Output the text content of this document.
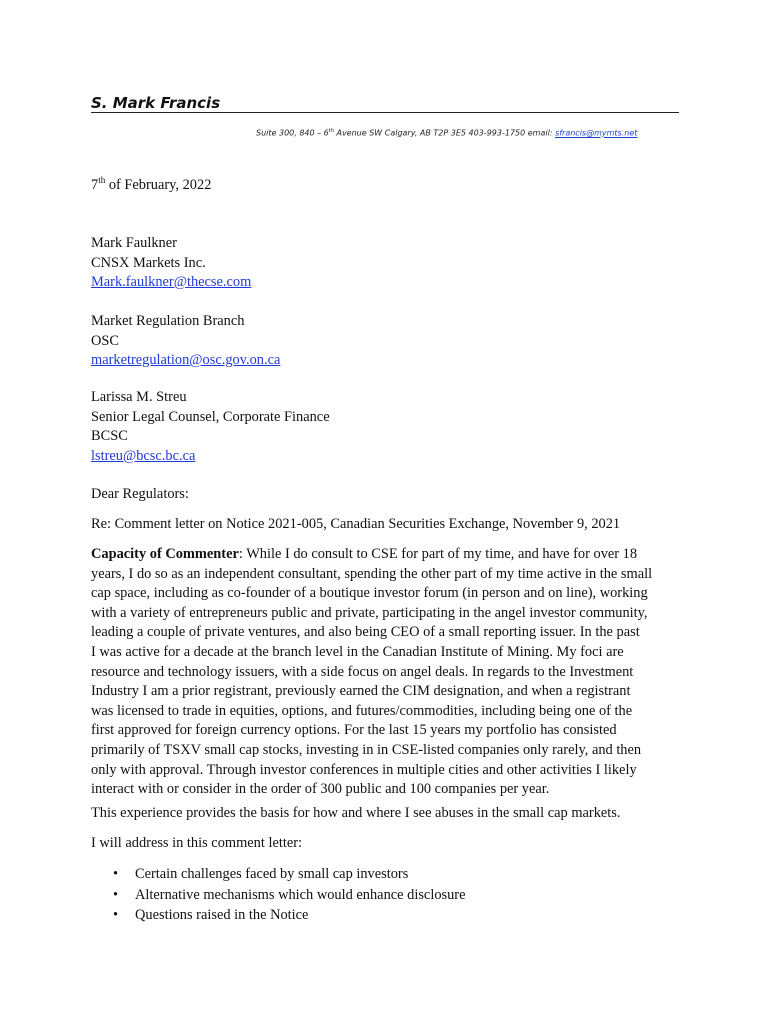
S. Mark Francis
Suite 300, 840 – 6th Avenue SW Calgary, AB T2P 3E5 403-993-1750 email: sfrancis@mymts.net
7th of February, 2022
Mark Faulkner
CNSX Markets Inc.
Mark.faulkner@thecse.com
Market Regulation Branch
OSC
marketregulation@osc.gov.on.ca
Larissa M. Streu
Senior Legal Counsel, Corporate Finance
BCSC
lstreu@bcsc.bc.ca
Dear Regulators:
Re: Comment letter on Notice 2021-005, Canadian Securities Exchange, November 9, 2021
Capacity of Commenter: While I do consult to CSE for part of my time, and have for over 18
years, I do so as an independent consultant, spending the other part of my time active in the small
cap space, including as co-founder of a boutique investor forum (in person and on line), working
with a variety of entrepreneurs public and private, participating in the angel investor community,
leading a couple of private ventures, and also being CEO of a small reporting issuer. In the past
I was active for a decade at the branch level in the Canadian Institute of Mining. My foci are
resource and technology issuers, with a side focus on angel deals. In regards to the Investment
Industry I am a prior registrant, previously earned the CIM designation, and when a registrant
was licensed to trade in equities, options, and futures/commodities, including being one of the
first approved for foreign currency options. For the last 15 years my portfolio has consisted
primarily of TSXV small cap stocks, investing in in CSE-listed companies only rarely, and then
only with approval. Through investor conferences in multiple cities and other activities I likely
interact with or consider in the order of 300 public and 100 companies per year.
This experience provides the basis for how and where I see abuses in the small cap markets.
I will address in this comment letter:
• Certain challenges faced by small cap investors
• Alternative mechanisms which would enhance disclosure
• Questions raised in the Notice
